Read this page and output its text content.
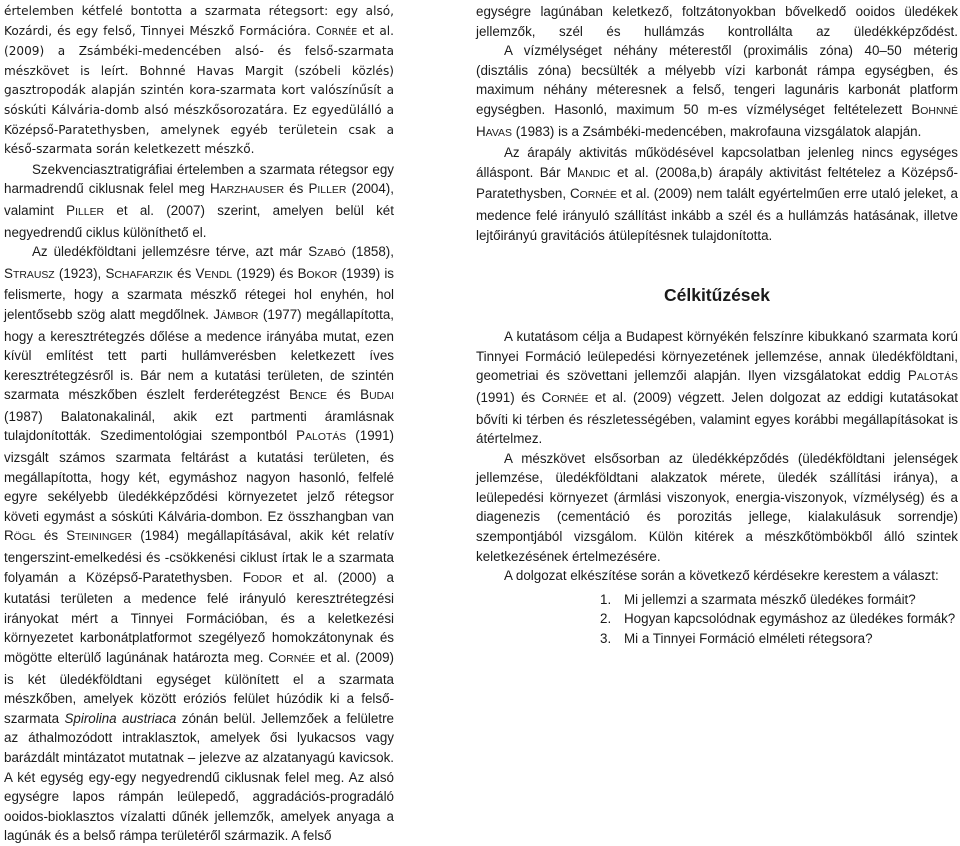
értelemben kétfelé bontotta a szarmata rétegsort: egy alsó, Kozárdi, és egy felső, Tinnyei Mészkő Formációra. CORNÉE et al. (2009) a Zsámbéki-medencében alsó- és felső-szarmata mészkövet is leírt. Bohnné Havas Margit (szóbeli közlés) gasztropodák alapján szintén kora-szarmata kort valószínűsít a sóskúti Kálvária-domb alsó mészkősorozatára. Ez egyedülálló a Középső-Paratethysben, amelynek egyéb területein csak a késő-szarmata során keletkezett mészkő.

Szekvenciasztratigráfiai értelemben a szarmata rétegsor egy harmadrendű ciklusnak felel meg HARZHAUSER és PILLER (2004), valamint PILLER et al. (2007) szerint, amelyen belül két negyedrendű ciklus különíthető el.

Az üledékföldtani jellemzésre térve, azt már SZABÓ (1858), STRAUSZ (1923), SCHAFARZIK és VENDL (1929) és BOKOR (1939) is felismerte, hogy a szarmata mészkő rétegei hol enyhén, hol jelentősebb szög alatt megdőlnek. JÁMBOR (1977) megállapította, hogy a keresztrétegzés dőlése a medence irányába mutat, ezen kívül említést tett parti hullámverésben keletkezett íves keresztrétegzésről is. Bár nem a kutatási területen, de szintén szarmata mészkőben észlelt ferderétegzést BENCE és BUDAI (1987) Balatonakalinál, akik ezt partmenti áramlásnak tulajdonították. Szedimentológiai szempontból PALOTÁS (1991) vizsgált számos szarmata feltárást a kutatási területen, és megállapította, hogy két, egymáshoz nagyon hasonló, felfelé egyre sekélyebb üledékképződési környezetet jelző rétegsor követi egymást a sóskúti Kálvária-dombon. Ez összhangban van RÖGL és STEININGER (1984) megállapításával, akik két relatív tengerszint-emelkedési és -csökkenési ciklust írtak le a szarmata folyamán a Középső-Paratethysben. FODOR et al. (2000) a kutatási területen a medence felé irányuló keresztrétegzési irányokat mért a Tinnyei Formációban, és a keletkezési környezetet karbonátplatformot szegélyező homokzátonynak és mögötte elterülő lagúnának határozta meg. CORNÉE et al. (2009) is két üledékföldtani egységet különített el a szarmata mészkőben, amelyek között eróziós felület húzódik ki a felső-szarmata Spirolina austriaca zónán belül. Jellemzőek a felületre az áthalmozódott intraklasztok, amelyek ősi lyukacsos vagy barázdált mintázatot mutatnak – jelezve az alzatanyagú kavicsok. A két egység egy-egy negyedrendű ciklusnak felel meg. Az alsó egységre lapos rámpán leülepedő, aggradációs-progradáló ooidos-bioklasztos vízalatti dűnék jellemzők, amelyek anyaga a lagúnák és a belső rámpa területéről származik. A felső

egységre lagúnában keletkező, foltzátonyokban bővelkedő ooidos üledékek jellemzők, szél és hullámzás kontrollálta az üledékképződést.

A vízmélységet néhány méterestől (proximális zóna) 40–50 méterig (disztális zóna) becsülték a mélyebb vízi karbonát rámpa egységben, és maximum néhány méteresnek a felső, tengeri lagunáris karbonát platform egységben. Hasonló, maximum 50 m-es vízmélységet feltételezett BOHNNÉ HAVAS (1983) is a Zsámbéki-medencében, makrofauna vizsgálatok alapján.

Az árapály aktivitás működésével kapcsolatban jelenleg nincs egységes álláspont. Bár MANDIC et al. (2008a,b) árapály aktivitást feltételez a Középső-Paratethysben, CORNÉE et al. (2009) nem talált egyértelműen erre utaló jeleket, a medence felé irányuló szállítást inkább a szél és a hullámzás hatásának, illetve lejtőirányú gravitációs átülepítésnek tulajdonította.

Célkitűzések

A kutatásom célja a Budapest környékén felszínre kibukkanó szarmata korú Tinnyei Formáció leülepedési környezetének jellemzése, annak üledékföldtani, geometriai és szövettani jellemzői alapján. Ilyen vizsgálatokat eddig PALOTÁS (1991) és CORNÉE et al. (2009) végzett. Jelen dolgozat az eddigi kutatásokat bővíti ki térben és részletességében, valamint egyes korábbi megállapításokat is átértelmez.

A mészkövet elsősorban az üledékképződés (üledékföldtani jelenségek jellemzése, üledékföldtani alakzatok mérete, üledék szállítási iránya), a leülepedési környezet (ármlási viszonyok, energia-viszonyok, vízmélység) és a diagenezis (cementáció és porozitás jellege, kialakulásuk sorrendje) szempontjából vizsgálom. Külön kitérek a mészkőtömbökből álló szintek keletkezésének értelmezésére.

A dolgozat elkészítése során a következő kérdésekre kerestem a választ:

1. Mi jellemzi a szarmata mészkő üledékes formáit?
2. Hogyan kapcsolódnak egymáshoz az üledékes formák?
3. Mi a Tinnyei Formáció elméleti rétegsora?
